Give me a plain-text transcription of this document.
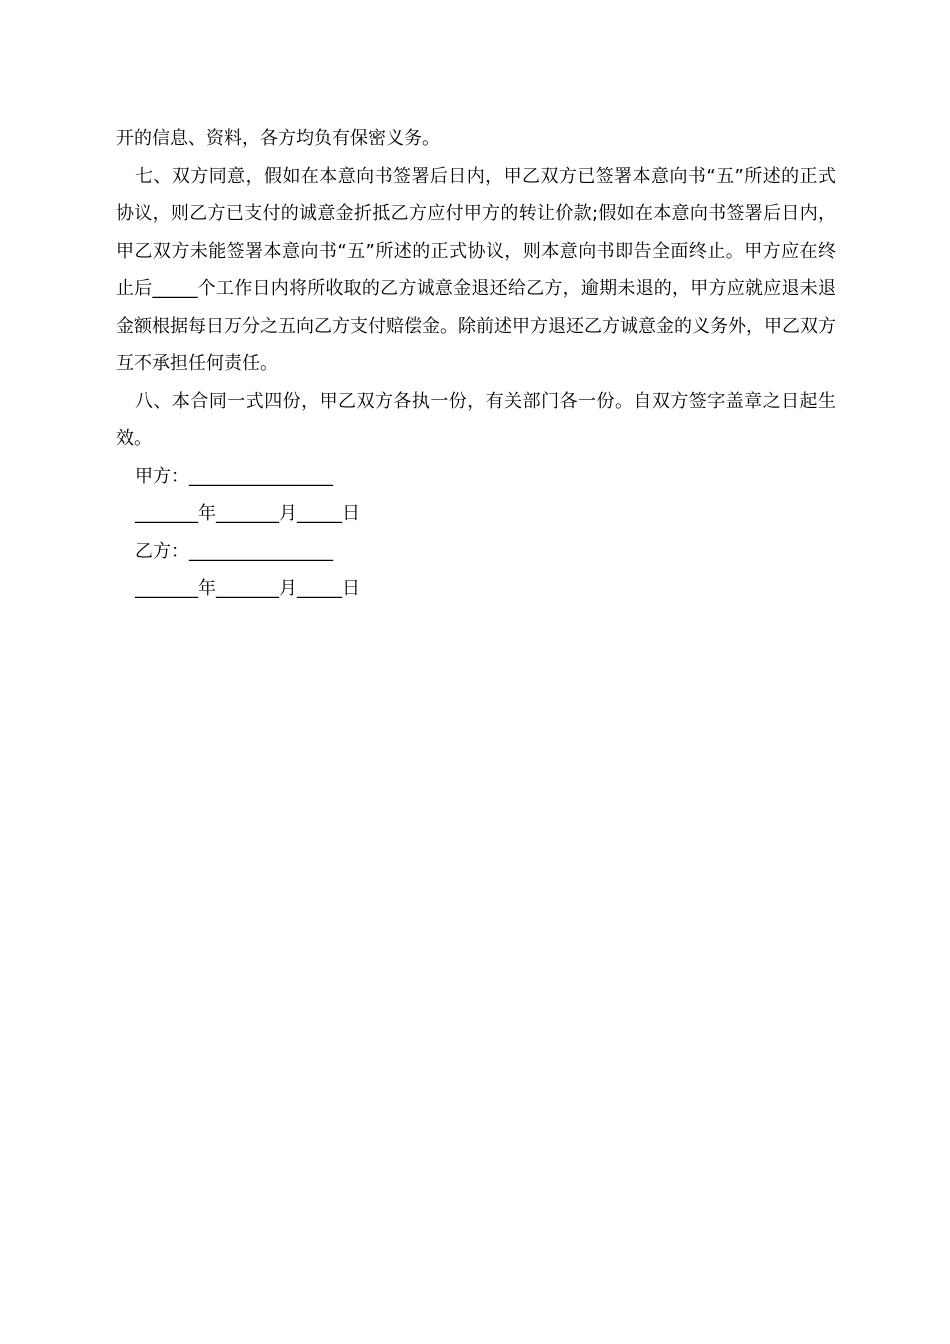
开的信息、资料，各方均负有保密义务。

七、双方同意，假如在本意向书签署后日内，甲乙双方已签署本意向书“五”所述的正式协议，则乙方已支付的诚意金折抵乙方应付甲方的转让价款;假如在本意向书签署后日内，甲乙双方未能签署本意向书“五”所述的正式协议，则本意向书即告全面终止。甲方应在终止后_____个工作日内将所收取的乙方诚意金退还给乙方，逾期未退的，甲方应就应退未退金额根据每日万分之五向乙方支付赔偿金。除前述甲方退还乙方诚意金的义务外，甲乙双方互不承担任何责任。

八、本合同一式四份，甲乙双方各执一份，有关部门各一份。自双方签字盖章之日起生效。

甲方：________________

_______年_______月_____日

乙方：________________

_______年_______月_____日
